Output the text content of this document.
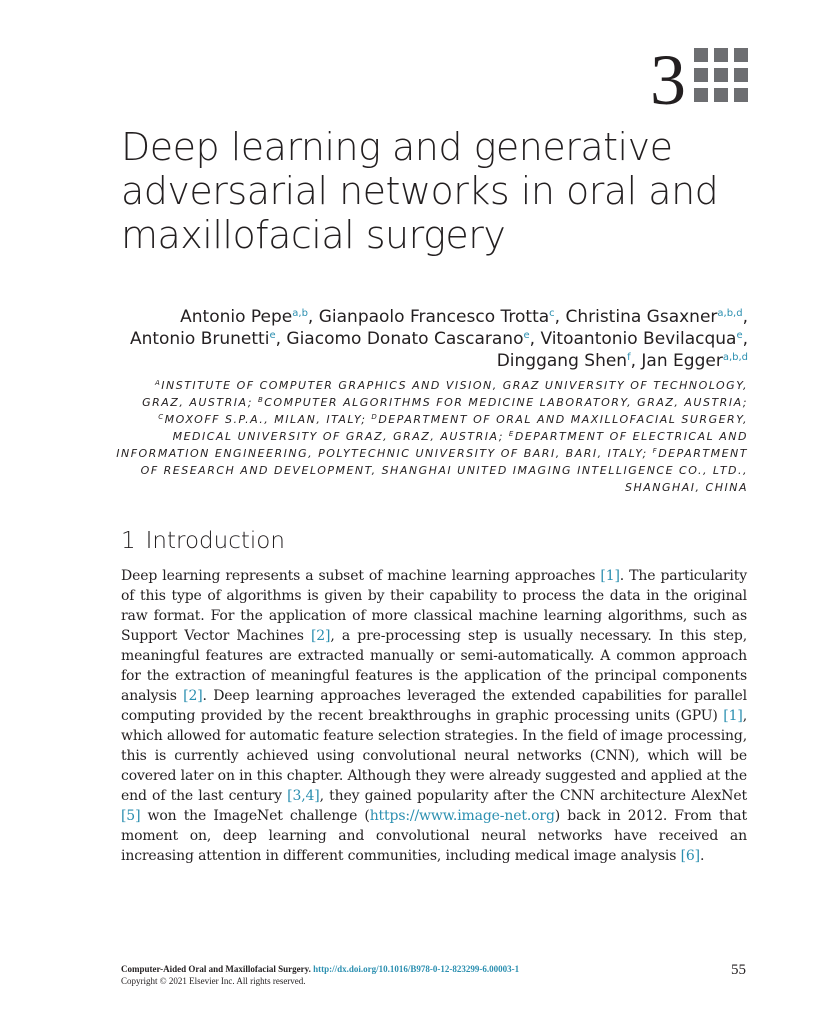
3
Deep learning and generative adversarial networks in oral and maxillofacial surgery
Antonio Pepe$^{a,b}$, Gianpaolo Francesco Trotta$^c$, Christina Gsaxner$^{a,b,d}$,
Antonio Brunetti$^e$, Giacomo Donato Cascarano$^e$, Vitoantonio Bevilacqua$^e$, Dinggang Shen$^f$, Jan Egger$^{a,b,d}$
$^A$INSTITUTE OF COMPUTER GRAPHICS AND VISION, GRAZ UNIVERSITY OF TECHNOLOGY, GRAZ, AUSTRIA; $^B$COMPUTER ALGORITHMS FOR MEDICINE LABORATORY, GRAZ, AUSTRIA; $^C$MOXOFF S.P.A., MILAN, ITALY; $^D$DEPARTMENT OF ORAL AND MAXILLOFACIAL SURGERY, MEDICAL UNIVERSITY OF GRAZ, GRAZ, AUSTRIA; $^E$DEPARTMENT OF ELECTRICAL AND INFORMATION ENGINEERING, POLYTECHNIC UNIVERSITY OF BARI, BARI, ITALY; $^F$DEPARTMENT OF RESEARCH AND DEVELOPMENT, SHANGHAI UNITED IMAGING INTELLIGENCE CO., LTD., SHANGHAI, CHINA
1 Introduction

Deep learning represents a subset of machine learning approaches [1]. The particularity of this type of algorithms is given by their capability to process the data in the original raw format. For the application of more classical machine learning algorithms, such as Support Vector Machines [2], a pre-processing step is usually necessary. In this step, meaningful features are extracted manually or semi-automatically. A common approach for the extraction of meaningful features is the application of the principal components analysis [2]. Deep learning approaches leveraged the extended capabilities for parallel computing provided by the recent breakthroughs in graphic processing units (GPU) [1], which allowed for automatic feature selection strategies. In the field of image processing, this is currently achieved using convolutional neural networks (CNN), which will be covered later on in this chapter. Although they were already suggested and applied at the end of the last century [3,4], they gained popularity after the CNN architecture AlexNet [5] won the ImageNet challenge (https://www.image-net.org) back in 2012. From that moment on, deep learning and convolutional neural networks have received an increasing attention in different communities, including medical image analysis [6].

Computer-Aided Oral and Maxillofacial Surgery. http://dx.doi.org/10.1016/B978-0-12-823299-6.00003-1
Copyright © 2021 Elsevier Inc. All rights reserved.
55
